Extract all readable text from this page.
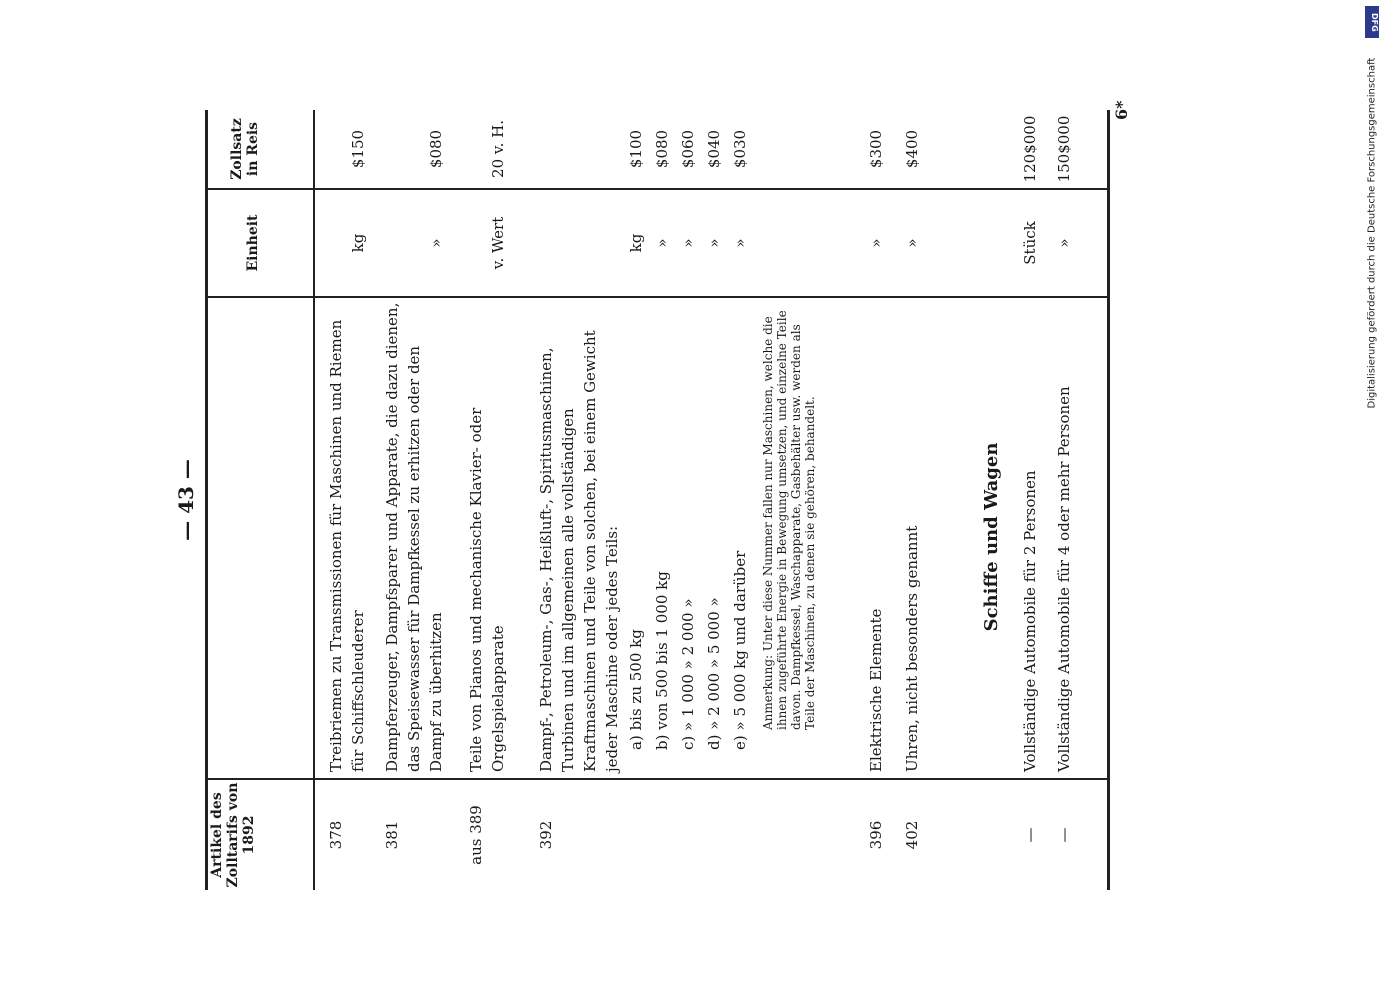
— 43 —
Artikel des Zolltarifs von 1892
Einheit
Zollsatz in Reis
378
Treibriemen zu Transmissionen für Maschinen und Riemen für Schiffschleuderer
kg
$150
381
Dampferzeuger, Dampfsparer und Apparate, die dazu dienen, das Speisewasser für Dampfkessel zu erhitzen oder den Dampf zu überhitzen
»
$080
aus 389
Teile von Pianos und mechanische Klavier- oder Orgelspielapparate
v. Wert
20 v. H.
392
Dampf-, Petroleum-, Gas-, Heißluft-, Spiritusmaschinen, Turbinen und im allgemeinen alle vollständigen Kraftmaschinen und Teile von solchen, bei einem Gewicht jeder Maschine oder jedes Teils: a) bis zu 500 kg
kg
$100
b) von 500 bis 1 000 kg
»
$080
c) » 1 000 » 2 000 »
»
$060
d) » 2 000 » 5 000 »
»
$040
e) » 5 000 kg und darüber
»
$030
Anmerkung: Unter diese Nummer fallen nur Maschinen, welche die ihnen zugeführte Energie in Bewegung umsetzen, und einzelne Teile davon. Dampfkessel, Waschapparate, Gasbehälter usw. werden als Teile der Maschinen, zu denen sie gehören, behandelt.
396
Elektrische Elemente
»
$300
402
Uhren, nicht besonders genannt
»
$400
Schiffe und Wagen
—
Vollständige Automobile für 2 Personen
Stück
120$000
—
Vollständige Automobile für 4 oder mehr Personen
»
150$000
6*
DFG
Digitalisierung gefördert durch die Deutsche Forschungsgemeinschaft
